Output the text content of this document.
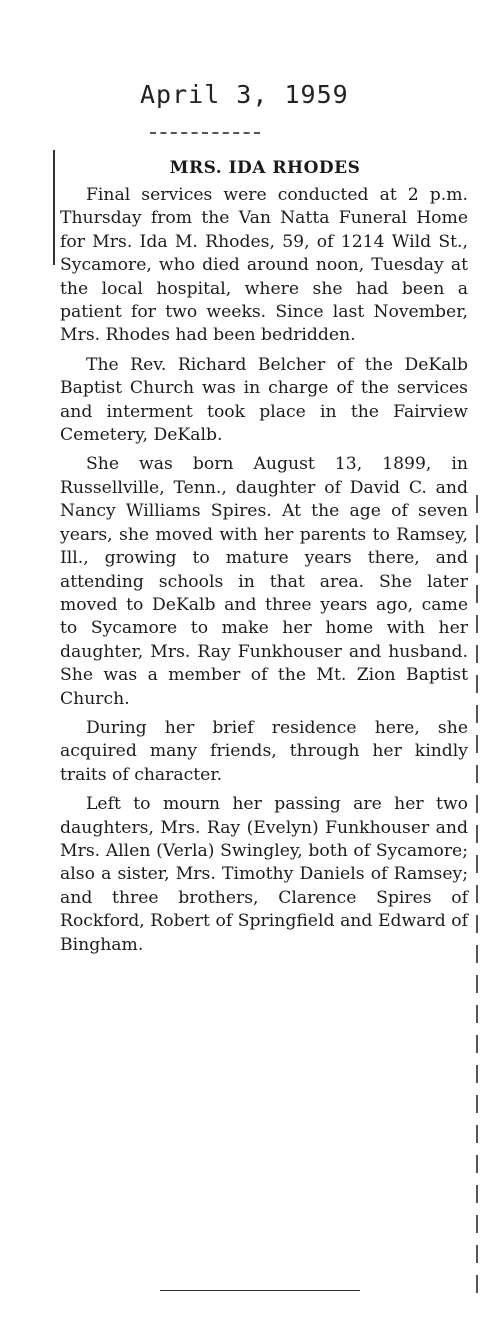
April 3, 1959
MRS. IDA RHODES

Final services were conducted at 2 p.m. Thursday from the Van Natta Funeral Home for Mrs. Ida M. Rhodes, 59, of 1214 Wild St., Sycamore, who died around noon, Tuesday at the local hospital, where she had been a patient for two weeks. Since last November, Mrs. Rhodes had been bedridden.

The Rev. Richard Belcher of the DeKalb Baptist Church was in charge of the services and interment took place in the Fairview Cemetery, DeKalb.

She was born August 13, 1899, in Russellville, Tenn., daughter of David C. and Nancy Williams Spires. At the age of seven years, she moved with her parents to Ramsey, Ill., growing to mature years there, and attending schools in that area. She later moved to DeKalb and three years ago, came to Sycamore to make her home with her daughter, Mrs. Ray Funkhouser and husband. She was a member of the Mt. Zion Baptist Church.

During her brief residence here, she acquired many friends, through her kindly traits of character.

Left to mourn her passing are her two daughters, Mrs. Ray (Evelyn) Funkhouser and Mrs. Allen (Verla) Swingley, both of Sycamore; also a sister, Mrs. Timothy Daniels of Ramsey; and three brothers, Clarence Spires of Rockford, Robert of Springfield and Edward of Bingham.
